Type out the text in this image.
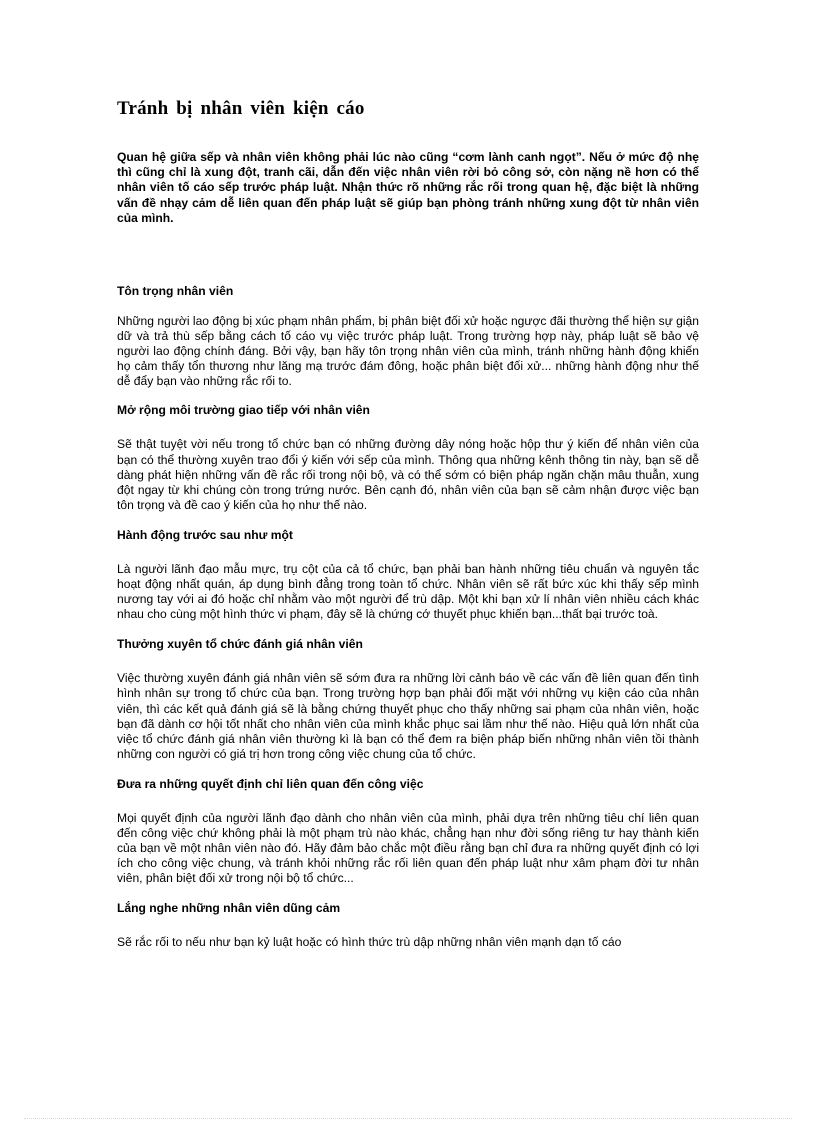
Tránh bị nhân viên kiện cáo

Quan hệ giữa sếp và nhân viên không phải lúc nào cũng “cơm lành canh ngọt”. Nếu ở mức độ nhẹ thì cũng chỉ là xung đột, tranh cãi, dẫn đến việc nhân viên rời bỏ công sở, còn nặng nề hơn có thể nhân viên tố cáo sếp trước pháp luật. Nhận thức rõ những rắc rối trong quan hệ, đặc biệt là những vấn đề nhạy cảm dễ liên quan đến pháp luật sẽ giúp bạn phòng tránh những xung đột từ nhân viên của mình.

Tôn trọng nhân viên

Những người lao động bị xúc phạm nhân phẩm, bị phân biệt đối xử hoặc ngược đãi thường thể hiện sự giận dữ và trả thù sếp bằng cách tố cáo vụ việc trước pháp luật. Trong trường hợp này, pháp luật sẽ bảo vệ người lao động chính đáng. Bởi vậy, bạn hãy tôn trọng nhân viên của mình, tránh những hành động khiến họ cảm thấy tổn thương như lăng mạ trước đám đông, hoặc phân biệt đối xử... những hành động như thế dễ đẩy bạn vào những rắc rối to.

Mở rộng môi trường giao tiếp với nhân viên

Sẽ thật tuyệt vời nếu trong tổ chức bạn có những đường dây nóng hoặc hộp thư ý kiến để nhân viên của bạn có thể thường xuyên trao đổi ý kiến với sếp của mình. Thông qua những kênh thông tin này, bạn sẽ dễ dàng phát hiện những vấn đề rắc rối trong nội bộ, và có thể sớm có biện pháp ngăn chặn mâu thuẫn, xung đột ngay từ khi chúng còn trong trứng nước. Bên cạnh đó, nhân viên của bạn sẽ cảm nhận được việc bạn tôn trọng và đề cao ý kiến của họ như thế nào.

Hành động trước sau như một

Là người lãnh đạo mẫu mực, trụ cột của cả tổ chức, bạn phải ban hành những tiêu chuẩn và nguyên tắc hoạt động nhất quán, áp dụng bình đẳng trong toàn tổ chức. Nhân viên sẽ rất bức xúc khi thấy sếp mình nương tay với ai đó hoặc chỉ nhằm vào một người để trù dập. Một khi bạn xử lí nhân viên nhiều cách khác nhau cho cùng một hình thức vi phạm, đây sẽ là chứng cớ thuyết phục khiến bạn...thất bại trước toà.

Thưởng xuyên tổ chức đánh giá nhân viên

Việc thường xuyên đánh giá nhân viên sẽ sớm đưa ra những lời cảnh báo về các vấn đề liên quan đến tình hình nhân sự trong tổ chức của bạn. Trong trường hợp bạn phải đối mặt với những vụ kiện cáo của nhân viên, thì các kết quả đánh giá sẽ là bằng chứng thuyết phục cho thấy những sai phạm của nhân viên, hoặc bạn đã dành cơ hội tốt nhất cho nhân viên của mình khắc phục sai lầm như thế nào. Hiệu quả lớn nhất của việc tổ chức đánh giá nhân viên thường kì là bạn có thể đem ra biện pháp biến những nhân viên tồi thành những con người có giá trị hơn trong công việc chung của tổ chức.

Đưa ra những quyết định chỉ liên quan đến công việc

Mọi quyết định của người lãnh đạo dành cho nhân viên của mình, phải dựa trên những tiêu chí liên quan đến công việc chứ không phải là một phạm trù nào khác, chẳng hạn như đời sống riêng tư hay thành kiến của bạn về một nhân viên nào đó. Hãy đảm bảo chắc một điều rằng bạn chỉ đưa ra những quyết định có lợi ích cho công việc chung, và tránh khỏi những rắc rối liên quan đến pháp luật như xâm phạm đời tư nhân viên, phân biệt đối xử trong nội bộ tổ chức...

Lắng nghe những nhân viên dũng cảm

Sẽ rắc rối to nếu như bạn kỷ luật hoặc có hình thức trù dập những nhân viên mạnh dạn tố cáo
